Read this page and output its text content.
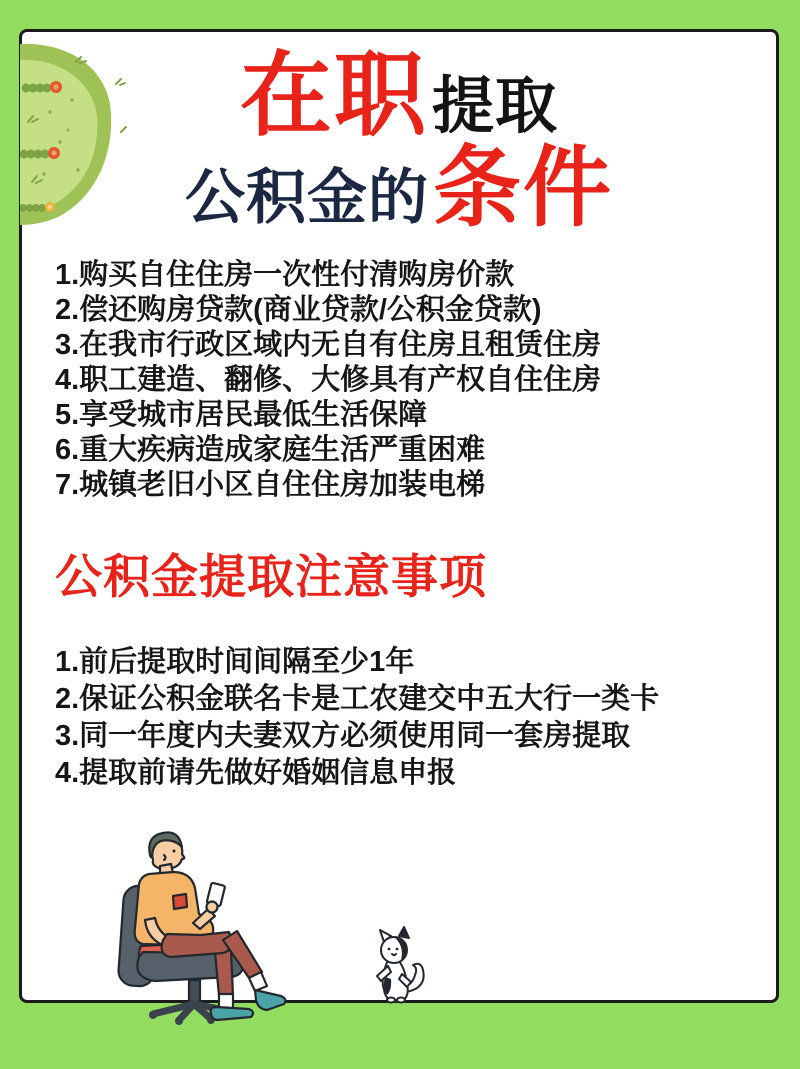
在职 提取
公积金的 条件
1.购买自住住房一次性付清购房价款
2.偿还购房贷款(商业贷款/公积金贷款)
3.在我市行政区域内无自有住房且租赁住房
4.职工建造、翻修、大修具有产权自住住房
5.享受城市居民最低生活保障
6.重大疾病造成家庭生活严重困难
7.城镇老旧小区自住住房加装电梯
公积金提取注意事项
1.前后提取时间间隔至少1年
2.保证公积金联名卡是工农建交中五大行一类卡
3.同一年度内夫妻双方必须使用同一套房提取
4.提取前请先做好婚姻信息申报
